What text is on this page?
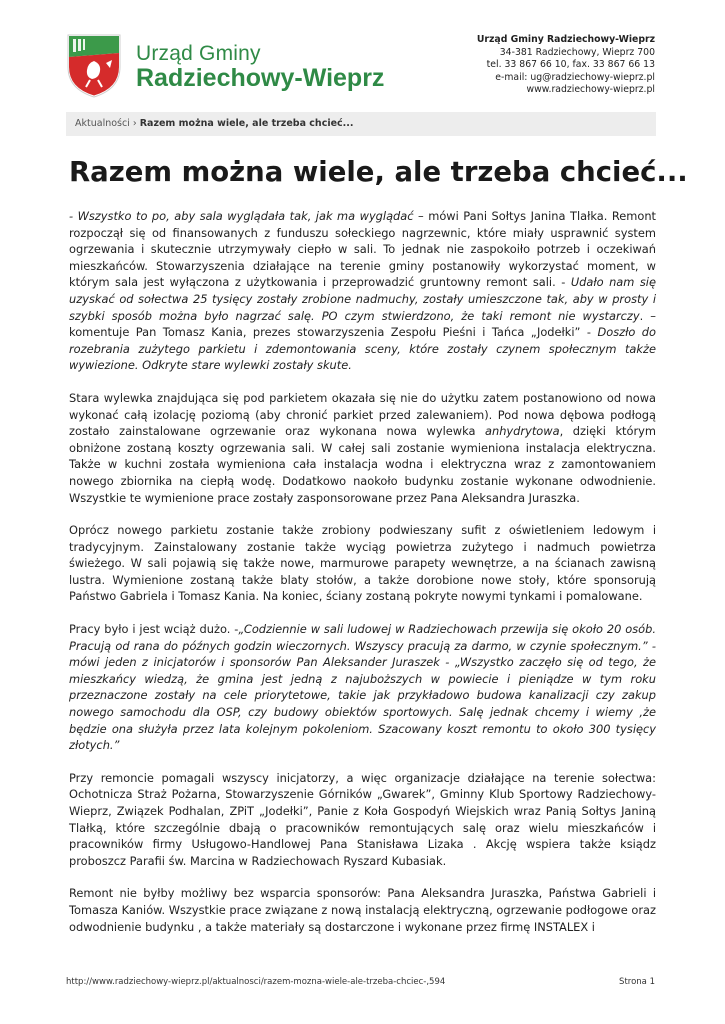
Urząd Gminy
Radziechowy-Wieprz
Urząd Gminy Radziechowy-Wieprz
34-381 Radziechowy, Wieprz 700
tel. 33 867 66 10, fax. 33 867 66 13
e-mail: ug@radziechowy-wieprz.pl
www.radziechowy-wieprz.pl
Aktualności › Razem można wiele, ale trzeba chcieć...
Razem można wiele, ale trzeba chcieć...

- Wszystko to po, aby sala wyglądała tak, jak ma wyglądać – mówi Pani Sołtys Janina Tlałka. Remont rozpoczął się od finansowanych z funduszu sołeckiego nagrzewnic, które miały usprawnić system ogrzewania i skutecznie utrzymywały ciepło w sali. To jednak nie zaspokoiło potrzeb i oczekiwań mieszkańców. Stowarzyszenia działające na terenie gminy postanowiły wykorzystać moment, w którym sala jest wyłączona z użytkowania i przeprowadzić gruntowny remont sali. - Udało nam się uzyskać od sołectwa 25 tysięcy zostały zrobione nadmuchy, zostały umieszczone tak, aby w prosty i szybki sposób można było nagrzać salę. PO czym stwierdzono, że taki remont nie wystarczy. – komentuje Pan Tomasz Kania, prezes stowarzyszenia Zespołu Pieśni i Tańca „Jodełki” - Doszło do rozebrania zużytego parkietu i zdemontowania sceny, które zostały czynem społecznym także wywiezione. Odkryte stare wylewki zostały skute.

Stara wylewka znajdująca się pod parkietem okazała się nie do użytku zatem postanowiono od nowa wykonać całą izolację poziomą (aby chronić parkiet przed zalewaniem). Pod nowa dębowa podłogą zostało zainstalowane ogrzewanie oraz wykonana nowa wylewka anhydrytowa, dzięki którym obniżone zostaną koszty ogrzewania sali. W całej sali zostanie wymieniona instalacja elektryczna. Także w kuchni została wymieniona cała instalacja wodna i elektryczna wraz z zamontowaniem nowego zbiornika na ciepłą wodę. Dodatkowo naokoło budynku zostanie wykonane odwodnienie. Wszystkie te wymienione prace zostały zasponsorowane przez Pana Aleksandra Juraszka.

Oprócz nowego parkietu zostanie także zrobiony podwieszany sufit z oświetleniem ledowym i tradycyjnym. Zainstalowany zostanie także wyciąg powietrza zużytego i nadmuch powietrza świeżego. W sali pojawią się także nowe, marmurowe parapety wewnętrze, a na ścianach zawisną lustra. Wymienione zostaną także blaty stołów, a także dorobione nowe stoły, które sponsorują Państwo Gabriela i Tomasz Kania. Na koniec, ściany zostaną pokryte nowymi tynkami i pomalowane.

Pracy było i jest wciąż dużo. -„Codziennie w sali ludowej w Radziechowach przewija się około 20 osób. Pracują od rana do późnych godzin wieczornych. Wszyscy pracują za darmo, w czynie społecznym.” - mówi jeden z inicjatorów i sponsorów Pan Aleksander Juraszek - „Wszystko zaczęło się od tego, że mieszkańcy wiedzą, że gmina jest jedną z najuboższych w powiecie i pieniądze w tym roku przeznaczone zostały na cele priorytetowe, takie jak przykładowo budowa kanalizacji czy zakup nowego samochodu dla OSP, czy budowy obiektów sportowych. Salę jednak chcemy i wiemy ,że będzie ona służyła przez lata kolejnym pokoleniom. Szacowany koszt remontu to około 300 tysięcy złotych.”

Przy remoncie pomagali wszyscy inicjatorzy, a więc organizacje działające na terenie sołectwa: Ochotnicza Straż Pożarna, Stowarzyszenie Górników „Gwarek”, Gminny Klub Sportowy Radziechowy-Wieprz, Związek Podhalan, ZPiT „Jodełki”, Panie z Koła Gospodyń Wiejskich wraz Panią Sołtys Janiną Tlałką, które szczególnie dbają o pracowników remontujących salę oraz wielu mieszkańców i pracowników firmy Usługowo-Handlowej Pana Stanisława Lizaka . Akcję wspiera także ksiądz proboszcz Parafii św. Marcina w Radziechowach Ryszard Kubasiak.

Remont nie byłby możliwy bez wsparcia sponsorów: Pana Aleksandra Juraszka, Państwa Gabrieli i Tomasza Kaniów. Wszystkie prace związane z nową instalacją elektryczną, ogrzewanie podłogowe oraz odwodnienie budynku , a także materiały są dostarczone i wykonane przez firmę INSTALEX i

http://www.radziechowy-wieprz.pl/aktualnosci/razem-mozna-wiele-ale-trzeba-chciec-,594	Strona 1
